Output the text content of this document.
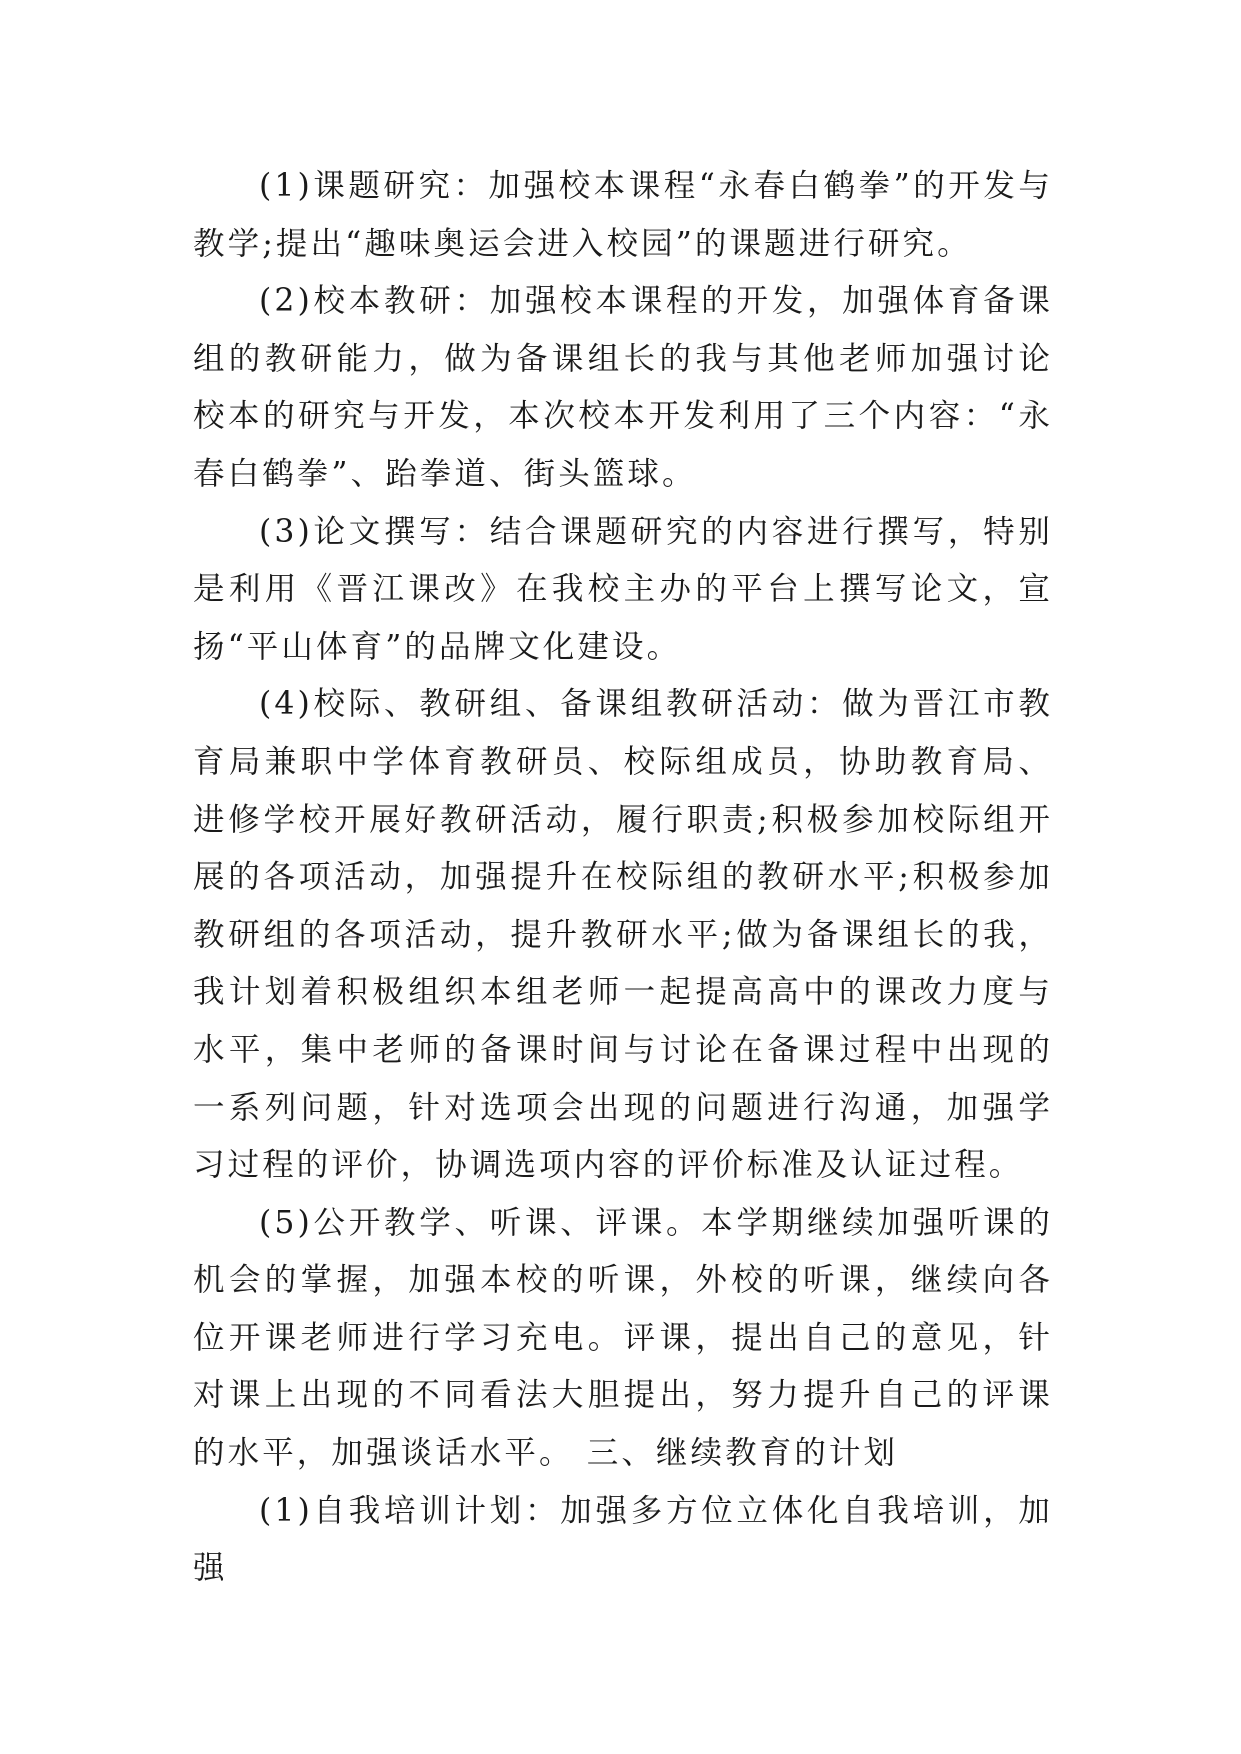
(1)课题研究：加强校本课程“永春白鹤拳”的开发与教学;提出“趣味奥运会进入校园”的课题进行研究。

(2)校本教研：加强校本课程的开发，加强体育备课组的教研能力，做为备课组长的我与其他老师加强讨论校本的研究与开发，本次校本开发利用了三个内容：“永春白鹤拳”、跆拳道、街头篮球。

(3)论文撰写：结合课题研究的内容进行撰写，特别是利用《晋江课改》在我校主办的平台上撰写论文，宣扬“平山体育”的品牌文化建设。

(4)校际、教研组、备课组教研活动：做为晋江市教育局兼职中学体育教研员、校际组成员，协助教育局、进修学校开展好教研活动，履行职责;积极参加校际组开展的各项活动，加强提升在校际组的教研水平;积极参加教研组的各项活动，提升教研水平;做为备课组长的我，我计划着积极组织本组老师一起提高高中的课改力度与水平，集中老师的备课时间与讨论在备课过程中出现的一系列问题，针对选项会出现的问题进行沟通，加强学习过程的评价，协调选项内容的评价标准及认证过程。

(5)公开教学、听课、评课。本学期继续加强听课的机会的掌握，加强本校的听课，外校的听课，继续向各位开课老师进行学习充电。评课，提出自己的意见，针对课上出现的不同看法大胆提出，努力提升自己的评课的水平，加强谈话水平。 三、继续教育的计划

(1)自我培训计划：加强多方位立体化自我培训，加强
